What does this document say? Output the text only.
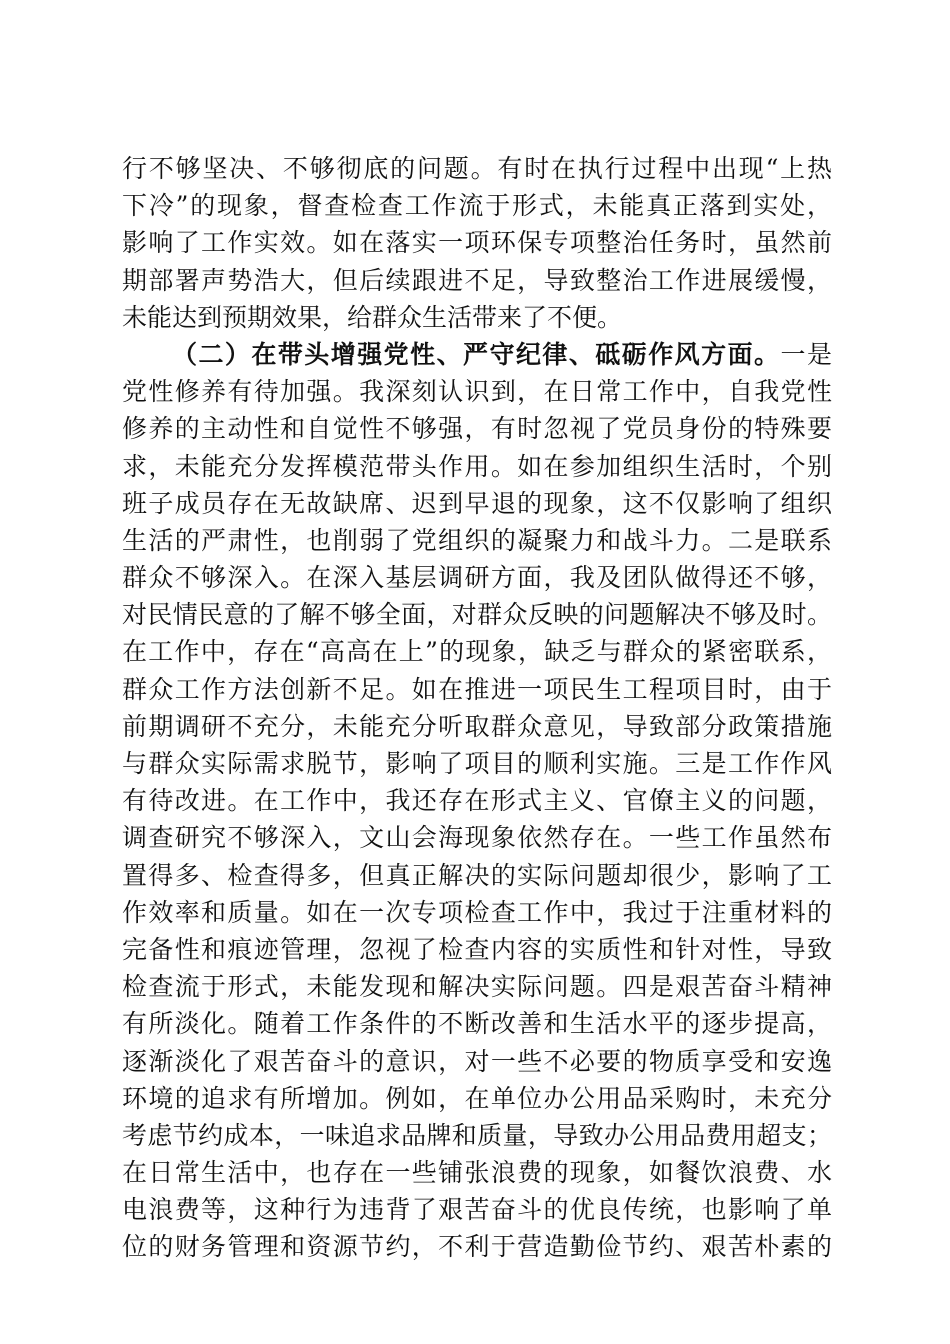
行不够坚决、不够彻底的问题。有时在执行过程中出现“上热
下冷”的现象，督查检查工作流于形式，未能真正落到实处，
影响了工作实效。如在落实一项环保专项整治任务时，虽然前
期部署声势浩大，但后续跟进不足，导致整治工作进展缓慢，
未能达到预期效果，给群众生活带来了不便。
（二）在带头增强党性、严守纪律、砥砺作风方面。一是
党性修养有待加强。我深刻认识到，在日常工作中，自我党性
修养的主动性和自觉性不够强，有时忽视了党员身份的特殊要
求，未能充分发挥模范带头作用。如在参加组织生活时，个别
班子成员存在无故缺席、迟到早退的现象，这不仅影响了组织
生活的严肃性，也削弱了党组织的凝聚力和战斗力。二是联系
群众不够深入。在深入基层调研方面，我及团队做得还不够，
对民情民意的了解不够全面，对群众反映的问题解决不够及时。
在工作中，存在“高高在上”的现象，缺乏与群众的紧密联系，
群众工作方法创新不足。如在推进一项民生工程项目时，由于
前期调研不充分，未能充分听取群众意见，导致部分政策措施
与群众实际需求脱节，影响了项目的顺利实施。三是工作作风
有待改进。在工作中，我还存在形式主义、官僚主义的问题，
调查研究不够深入，文山会海现象依然存在。一些工作虽然布
置得多、检查得多，但真正解决的实际问题却很少，影响了工
作效率和质量。如在一次专项检查工作中，我过于注重材料的
完备性和痕迹管理，忽视了检查内容的实质性和针对性，导致
检查流于形式，未能发现和解决实际问题。四是艰苦奋斗精神
有所淡化。随着工作条件的不断改善和生活水平的逐步提高，
逐渐淡化了艰苦奋斗的意识，对一些不必要的物质享受和安逸
环境的追求有所增加。例如，在单位办公用品采购时，未充分
考虑节约成本，一味追求品牌和质量，导致办公用品费用超支；
在日常生活中，也存在一些铺张浪费的现象，如餐饮浪费、水
电浪费等，这种行为违背了艰苦奋斗的优良传统，也影响了单
位的财务管理和资源节约，不利于营造勤俭节约、艰苦朴素的
